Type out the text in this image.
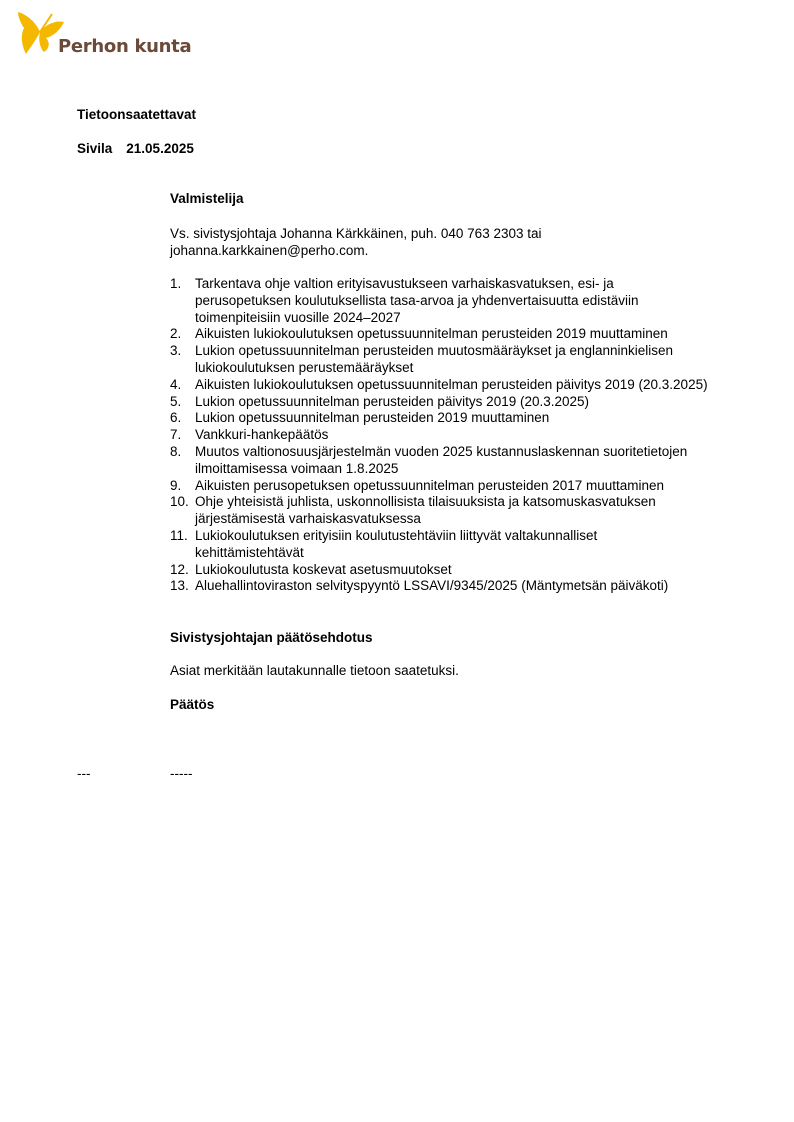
Perhon kunta
Tietoonsaatettavat
Sivila 21.05.2025
Valmistelija
Vs. sivistysjohtaja Johanna Kärkkäinen, puh. 040 763 2303 tai
johanna.karkkainen@perho.com.
1. Tarkentava ohje valtion erityisavustukseen varhaiskasvatuksen, esi- ja
perusopetuksen koulutuksellista tasa-arvoa ja yhdenvertaisuutta edistäviin
toimenpiteisiin vuosille 2024–2027
2. Aikuisten lukiokoulutuksen opetussuunnitelman perusteiden 2019 muuttaminen
3. Lukion opetussuunnitelman perusteiden muutosmääräykset ja englanninkielisen
lukiokoulutuksen perustemääräykset
4. Aikuisten lukiokoulutuksen opetussuunnitelman perusteiden päivitys 2019 (20.3.2025)
5. Lukion opetussuunnitelman perusteiden päivitys 2019 (20.3.2025)
6. Lukion opetussuunnitelman perusteiden 2019 muuttaminen
7. Vankkuri-hankepäätös
8. Muutos valtionosuusjärjestelmän vuoden 2025 kustannuslaskennan suoritetietojen
ilmoittamisessa voimaan 1.8.2025
9. Aikuisten perusopetuksen opetussuunnitelman perusteiden 2017 muuttaminen
10. Ohje yhteisistä juhlista, uskonnollisista tilaisuuksista ja katsomuskasvatuksen
järjestämisestä varhaiskasvatuksessa
11. Lukiokoulutuksen erityisiin koulutustehtäviin liittyvät valtakunnalliset
kehittämistehtävät
12. Lukiokoulutusta koskevat asetusmuutokset
13. Aluehallintoviraston selvityspyyntö LSSAVI/9345/2025 (Mäntymetsän päiväkoti)
Sivistysjohtajan päätösehdotus
Asiat merkitään lautakunnalle tietoon saatetuksi.
Päätös
---	-----
